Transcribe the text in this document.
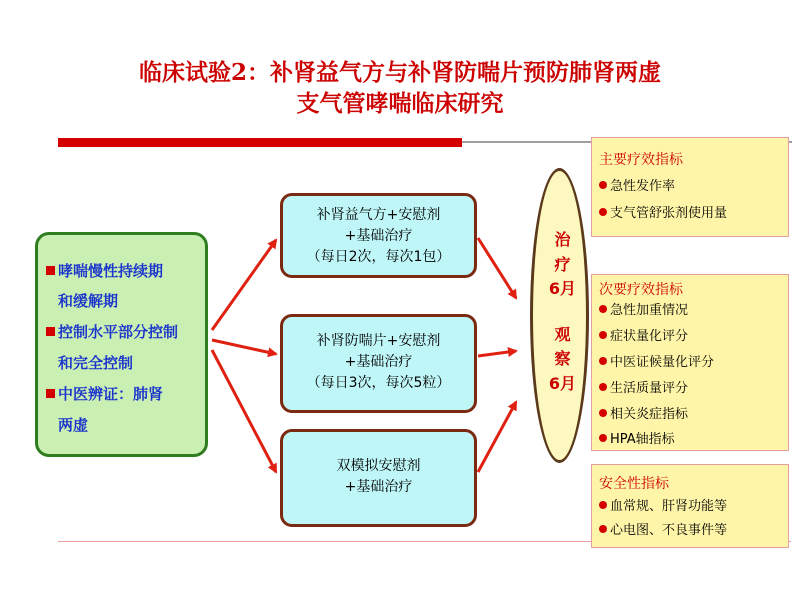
临床试验2：补肾益气方与补肾防喘片预防肺肾两虚
支气管哮喘临床研究
哮喘慢性持续期
和缓解期
控制水平部分控制
和完全控制
中医辨证：肺肾
两虚
补肾益气方+安慰剂
+基础治疗
（每日2次，每次1包）
补肾防喘片+安慰剂
+基础治疗
（每日3次，每次5粒）
双模拟安慰剂
+基础治疗
治
疗
6月
观
察
6月
主要疗效指标
急性发作率
支气管舒张剂使用量
次要疗效指标
急性加重情况
症状量化评分
中医证候量化评分
生活质量评分
相关炎症指标
HPA轴指标
安全性指标
血常规、肝肾功能等
心电图、不良事件等
